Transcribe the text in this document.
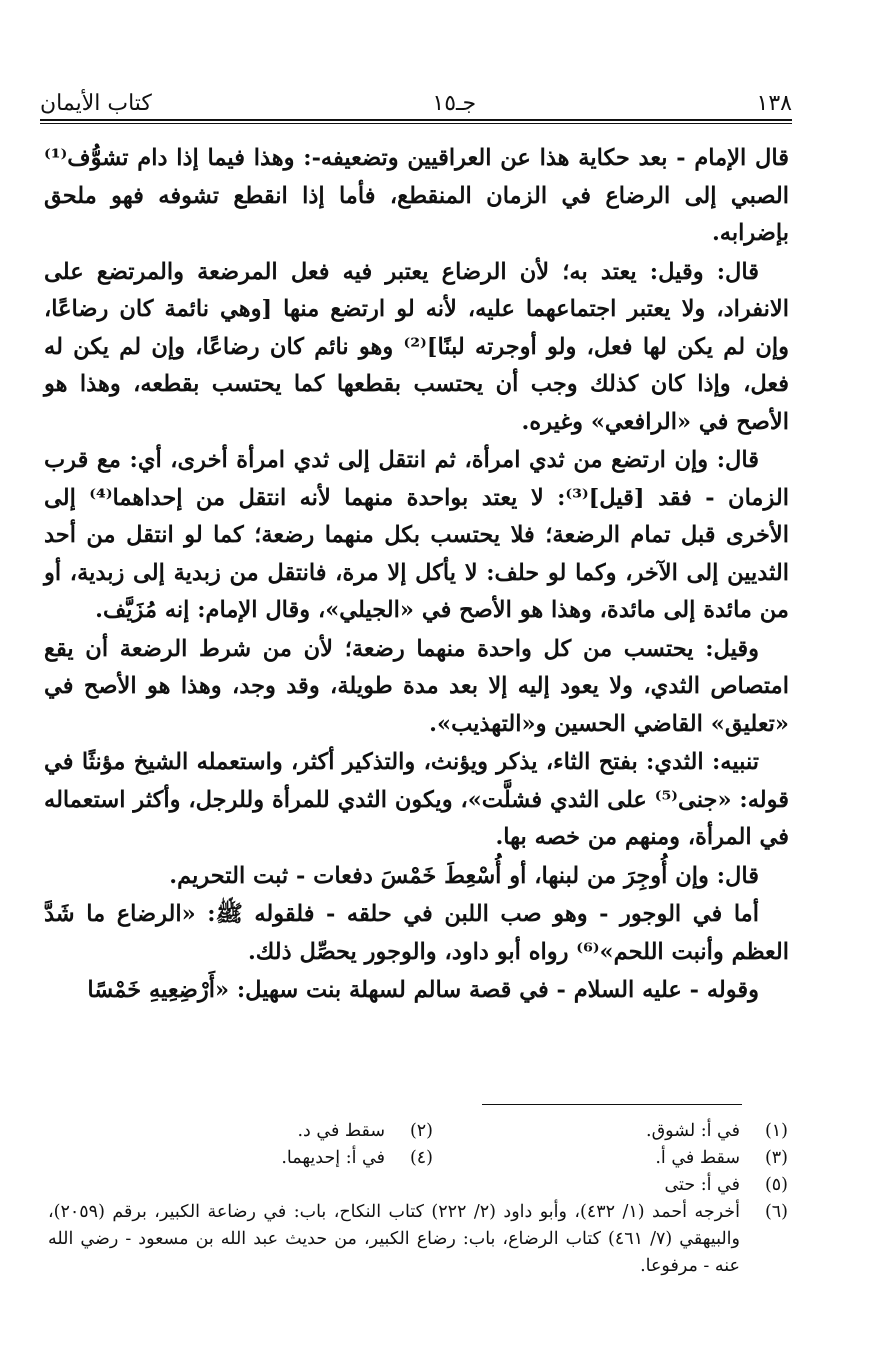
١٣٨
جـ١٥
كتاب الأيمان

قال الإمام - بعد حكاية هذا عن العراقيين وتضعيفه-: وهذا فيما إذا دام تشوُّف⁽¹⁾ الصبي إلى الرضاع في الزمان المنقطع، فأما إذا انقطع تشوفه فهو ملحق بإضرابه.

قال: وقيل: يعتد به؛ لأن الرضاع يعتبر فيه فعل المرضعة والمرتضع على الانفراد، ولا يعتبر اجتماعهما عليه، لأنه لو ارتضع منها [وهي نائمة كان رضاعًا، وإن لم يكن لها فعل، ولو أوجرته لبنًا]⁽²⁾ وهو نائم كان رضاعًا، وإن لم يكن له فعل، وإذا كان كذلك وجب أن يحتسب بقطعها كما يحتسب بقطعه، وهذا هو الأصح في «الرافعي» وغيره.

قال: وإن ارتضع من ثدي امرأة، ثم انتقل إلى ثدي امرأة أخرى، أي: مع قرب الزمان - فقد [قيل]⁽³⁾: لا يعتد بواحدة منهما لأنه انتقل من إحداهما⁽⁴⁾ إلى الأخرى قبل تمام الرضعة؛ فلا يحتسب بكل منهما رضعة؛ كما لو انتقل من أحد الثديين إلى الآخر، وكما لو حلف: لا يأكل إلا مرة، فانتقل من زبدية إلى زبدية، أو من مائدة إلى مائدة، وهذا هو الأصح في «الجيلي»، وقال الإمام: إنه مُزَيَّف.

وقيل: يحتسب من كل واحدة منهما رضعة؛ لأن من شرط الرضعة أن يقع امتصاص الثدي، ولا يعود إليه إلا بعد مدة طويلة، وقد وجد، وهذا هو الأصح في «تعليق» القاضي الحسين و«التهذيب».

تنبيه: الثدي: بفتح الثاء، يذكر ويؤنث، والتذكير أكثر، واستعمله الشيخ مؤنثًا في قوله: «جنى⁽⁵⁾ على الثدي فشلَّت»، ويكون الثدي للمرأة وللرجل، وأكثر استعماله في المرأة، ومنهم من خصه بها.

قال: وإن أُوجِرَ من لبنها، أو أُسْعِطَ خَمْسَ دفعات - ثبت التحريم.

أما في الوجور - وهو صب اللبن في حلقه - فلقوله ﷺ: «الرضاع ما شَدَّ العظم وأنبت اللحم»⁽⁶⁾ رواه أبو داود، والوجور يحصِّل ذلك.

وقوله - عليه السلام - في قصة سالم لسهلة بنت سهيل: «أَرْضِعِيهِ خَمْسًا

(١)
في أ: لشوق.
(٢)
سقط في د.
(٣)
سقط في أ.
(٤)
في أ: إحديهما.
(٥)
في أ: حتى
(٦)
أخرجه أحمد (١/ ٤٣٢)، وأبو داود (٢/ ٢٢٢) كتاب النكاح، باب: في رضاعة الكبير، برقم (٢٠٥٩)، والبيهقي (٧/ ٤٦١) كتاب الرضاع، باب: رضاع الكبير، من حديث عبد الله بن مسعود - رضي الله عنه - مرفوعا.
